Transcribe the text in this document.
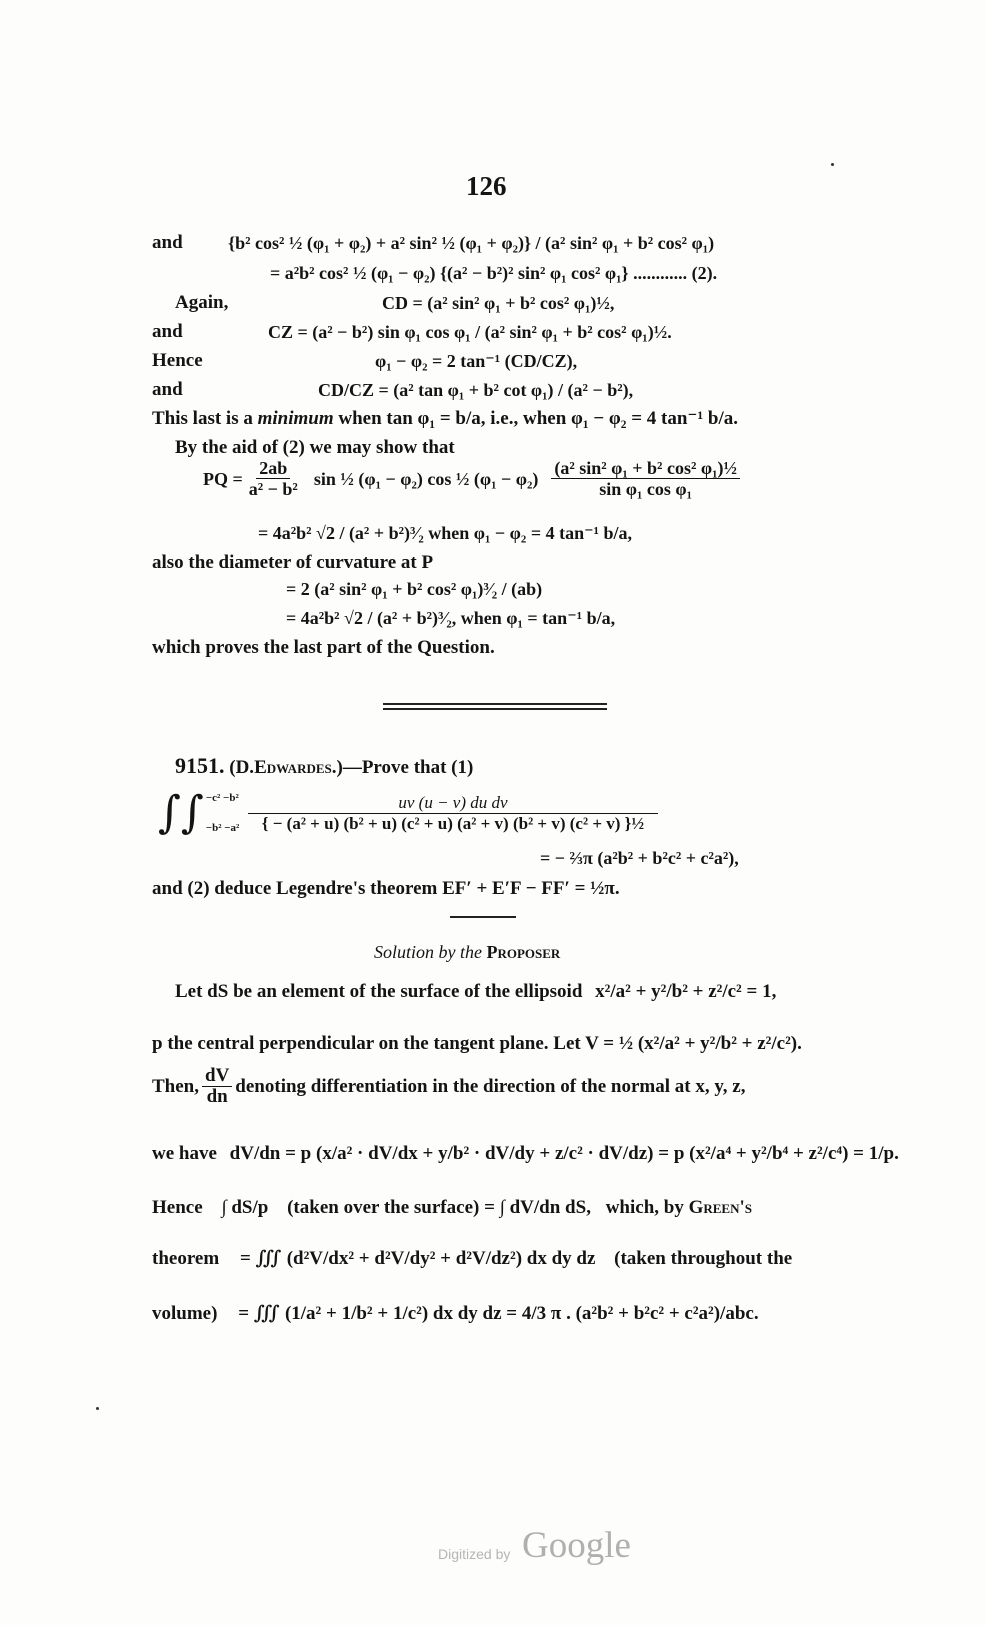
126
and	{b² cos² ½ (φ₁ + φ₂) + a² sin² ½ (φ₁ + φ₂)} / (a² sin² φ₁ + b² cos² φ₁)
= a²b² cos² ½ (φ₁ − φ₂) {(a² − b²)² sin² φ₁ cos² φ₁} ............ (2).
Again,	CD = (a² sin² φ₁ + b² cos² φ₁)½,
and	CZ = (a² − b²) sin φ₁ cos φ₁ / (a² sin² φ₁ + b² cos² φ₁)½.
Hence	φ₁ − φ₂ = 2 tan⁻¹ (CD/CZ),
and	CD/CZ = (a² tan φ₁ + b² cot φ₁) / (a² − b²),
This last is a minimum when tan φ₁ = b/a, i.e., when φ₁ − φ₂ = 4 tan⁻¹ b/a.
By the aid of (2) we may show that
PQ = $\frac{2ab}{\text{a² − b²}}$ sin ½ (φ₁ − φ₂) cos ½ $(\varphi_1 - \varphi_2) \frac{\text{(a² sin² φ₁ + b² cos² φ₁)½}}{\text{sin φ₁ cos φ₁}}$
= 4a²b² √2 / (a² + b²)³⁄₂ when φ₁ − φ₂ = 4 tan⁻¹ b/a,
also the diameter of curvature at P
= 2 (a² sin² φ₁ + b² cos² φ₁)³⁄₂ / (ab)
= 4a²b² √2 / (a² + b²)³⁄₂, when φ₁ = tan⁻¹ b/a,
which proves the last part of the Question.
9151. (D.Edwardes.)—Prove that (1)
∫∫ −c² −b²
$-b^2 -a^2 \frac{\text{uv (u − v) du dv}}{\text{\{ − (a² + u) (b² + u) (c² + u) (a² + v) (b² + v) (c² + v) \}½}}$
= − ⅔π (a²b² + b²c² + c²a²),
and (2) deduce Legendre's theorem EF′ + E′F − FF′ = ½π.
Solution by the Proposer
Let dS be an element of the surface of the ellipsoid x²/a² + y²/b² + z²/c² = 1,
p the central perpendicular on the tangent plane. Let V = ½ (x²/a² + y²/b² + z²/c²).
Then, $\frac{dV}{dn}$ denoting differentiation in the direction of the normal at x, y, z,
we have dV/dn = p (x/a² · dV/dx + y/b² · dV/dy + z/c² · dV/dz) = p (x²/a⁴ + y²/b⁴ + z²/c⁴) = 1/p.
Hence ∫ dS/p (taken over the surface) = ∫ dV/dn dS, which, by Green's
theorem = ∭ (d²V/dx² + d²V/dy² + d²V/dz²) dx dy dz (taken throughout the
volume) = ∭ (1/a² + 1/b² + 1/c²) dx dy dz = 4/3 π . (a²b² + b²c² + c²a²)/abc.
Digitized by Google
